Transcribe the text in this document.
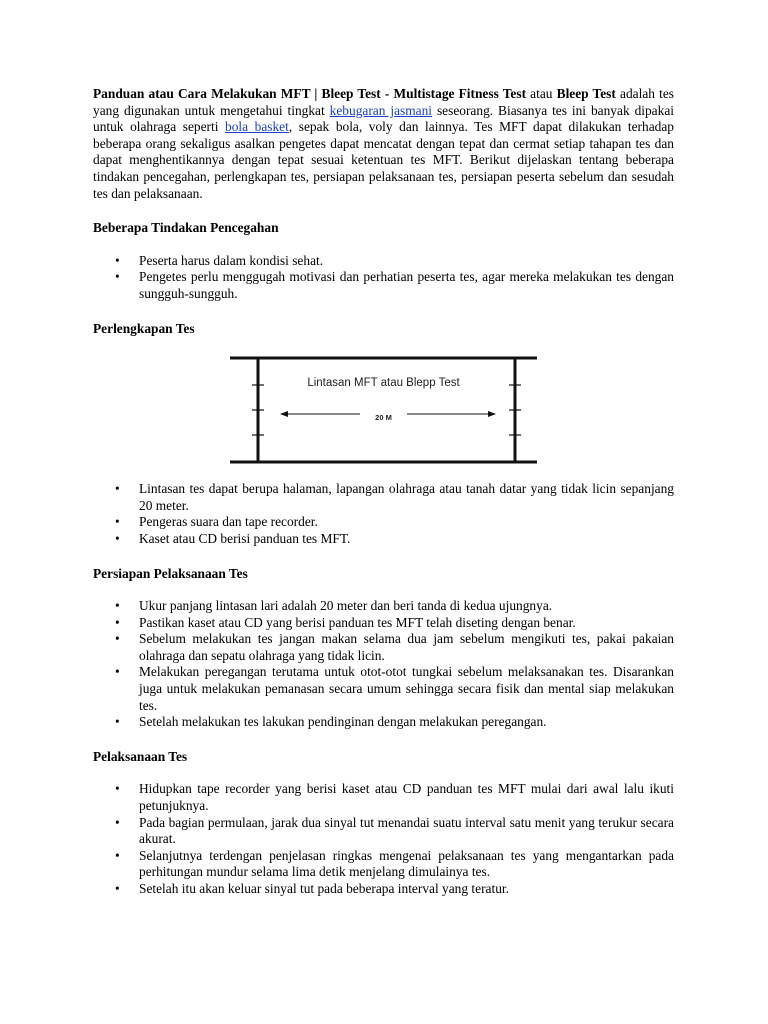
Panduan atau Cara Melakukan MFT | Bleep Test - Multistage Fitness Test atau Bleep Test adalah tes yang digunakan untuk mengetahui tingkat kebugaran jasmani seseorang. Biasanya tes ini banyak dipakai untuk olahraga seperti bola basket, sepak bola, voly dan lainnya. Tes MFT dapat dilakukan terhadap beberapa orang sekaligus asalkan pengetes dapat mencatat dengan tepat dan cermat setiap tahapan tes dan dapat menghentikannya dengan tepat sesuai ketentuan tes MFT. Berikut dijelaskan tentang beberapa tindakan pencegahan, perlengkapan tes, persiapan pelaksanaan tes, persiapan peserta sebelum dan sesudah tes dan pelaksanaan.

Beberapa Tindakan Pencegahan
• Peserta harus dalam kondisi sehat.
• Pengetes perlu menggugah motivasi dan perhatian peserta tes, agar mereka melakukan tes dengan sungguh-sungguh.
Perlengkapan Tes
Lintasan MFT atau Blepp Test
20 M
• Lintasan tes dapat berupa halaman, lapangan olahraga atau tanah datar yang tidak licin sepanjang 20 meter.
• Pengeras suara dan tape recorder.
• Kaset atau CD berisi panduan tes MFT.
Persiapan Pelaksanaan Tes
• Ukur panjang lintasan lari adalah 20 meter dan beri tanda di kedua ujungnya.
• Pastikan kaset atau CD yang berisi panduan tes MFT telah diseting dengan benar.
• Sebelum melakukan tes jangan makan selama dua jam sebelum mengikuti tes, pakai pakaian olahraga dan sepatu olahraga yang tidak licin.
• Melakukan peregangan terutama untuk otot-otot tungkai sebelum melaksanakan tes. Disarankan juga untuk melakukan pemanasan secara umum sehingga secara fisik dan mental siap melakukan tes.
• Setelah melakukan tes lakukan pendinginan dengan melakukan peregangan.
Pelaksanaan Tes
• Hidupkan tape recorder yang berisi kaset atau CD panduan tes MFT mulai dari awal lalu ikuti petunjuknya.
• Pada bagian permulaan, jarak dua sinyal tut menandai suatu interval satu menit yang terukur secara akurat.
• Selanjutnya terdengan penjelasan ringkas mengenai pelaksanaan tes yang mengantarkan pada perhitungan mundur selama lima detik menjelang dimulainya tes.
• Setelah itu akan keluar sinyal tut pada beberapa interval yang teratur.
